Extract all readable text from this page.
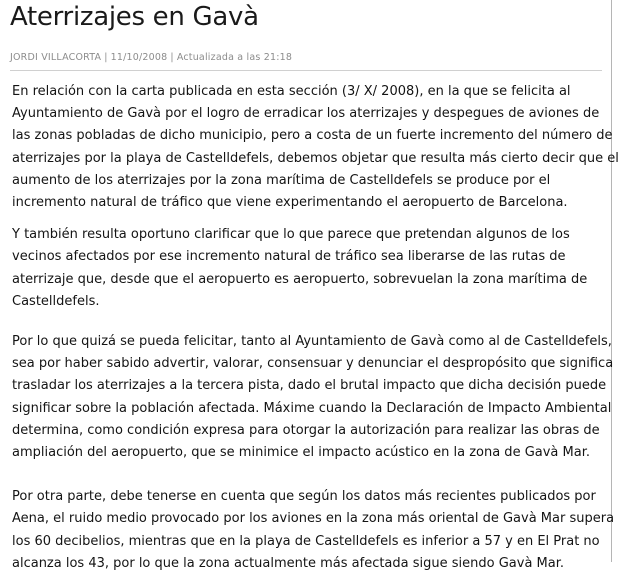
Aterrizajes en Gavà
JORDI VILLACORTA | 11/10/2008 | Actualizada a las 21:18

En relación con la carta publicada en esta sección (3/ X/ 2008), en la que se felicita al
Ayuntamiento de Gavà por el logro de erradicar los aterrizajes y despegues de aviones de
las zonas pobladas de dicho municipio, pero a costa de un fuerte incremento del número de
aterrizajes por la playa de Castelldefels, debemos objetar que resulta más cierto decir que el
aumento de los aterrizajes por la zona marítima de Castelldefels se produce por el
incremento natural de tráfico que viene experimentando el aeropuerto de Barcelona.

Y también resulta oportuno clarificar que lo que parece que pretendan algunos de los
vecinos afectados por ese incremento natural de tráfico sea liberarse de las rutas de
aterrizaje que, desde que el aeropuerto es aeropuerto, sobrevuelan la zona marítima de
Castelldefels.

Por lo que quizá se pueda felicitar, tanto al Ayuntamiento de Gavà como al de Castelldefels,
sea por haber sabido advertir, valorar, consensuar y denunciar el despropósito que significa
trasladar los aterrizajes a la tercera pista, dado el brutal impacto que dicha decisión puede
significar sobre la población afectada. Máxime cuando la Declaración de Impacto Ambiental
determina, como condición expresa para otorgar la autorización para realizar las obras de
ampliación del aeropuerto, que se minimice el impacto acústico en la zona de Gavà Mar.

Por otra parte, debe tenerse en cuenta que según los datos más recientes publicados por
Aena, el ruido medio provocado por los aviones en la zona más oriental de Gavà Mar supera
los 60 decibelios, mientras que en la playa de Castelldefels es inferior a 57 y en El Prat no
alcanza los 43, por lo que la zona actualmente más afectada sigue siendo Gavà Mar.
